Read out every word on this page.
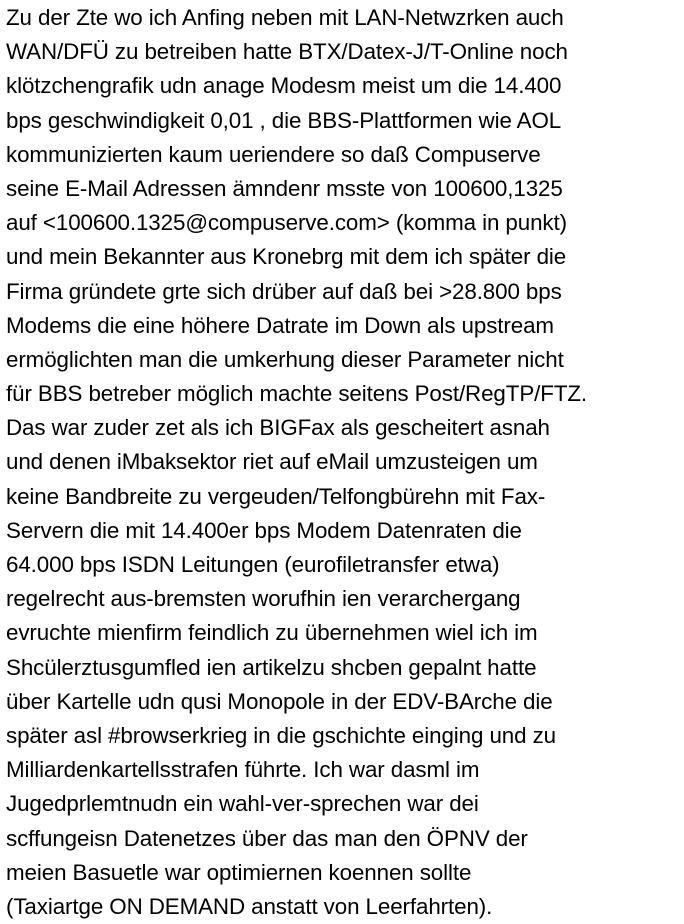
Zu der Zte wo ich Anfing neben mit LAN-Netwzrken auch
WAN/DFÜ zu betreiben hatte BTX/Datex-J/T-Online noch
klötzchengrafik udn anage Modesm meist um die 14.400
bps geschwindigkeit 0,01 , die BBS-Plattformen wie AOL
kommunizierten kaum ueriendere so daß Compuserve
seine E-Mail Adressen ämndenr msste von 100600,1325
auf <100600.1325@compuserve.com> (komma in punkt)
und mein Bekannter aus Kronebrg mit dem ich später die
Firma gründete grte sich drüber auf daß bei >28.800 bps
Modems die eine höhere Datrate im Down als upstream
ermöglichten man die umkerhung dieser Parameter nicht
für BBS betreber möglich machte seitens Post/RegTP/FTZ.
Das war zuder zet als ich BIGFax als gescheitert asnah
und denen iMbaksektor riet auf eMail umzusteigen um
keine Bandbreite zu vergeuden/Telfongbürehn mit Fax-
Servern die mit 14.400er bps Modem Datenraten die
64.000 bps ISDN Leitungen (eurofiletransfer etwa)
regelrecht aus-bremsten worufhin ien verarchergang
evruchte mienfirm feindlich zu übernehmen wiel ich im
Shcülerztusgumfled ien artikelzu shcben gepalnt hatte
über Kartelle udn qusi Monopole in der EDV-BArche die
später asl #browserkrieg in die gschichte einging und zu
Milliardenkartellsstrafen führte. Ich war dasml im
Jugedprlemtnudn ein wahl-ver-sprechen war dei
scffungeisn Datenetzes über das man den ÖPNV der
meien Basuetle war optimiernen koennen sollte
(Taxiartge ON DEMAND anstatt von Leerfahrten).
